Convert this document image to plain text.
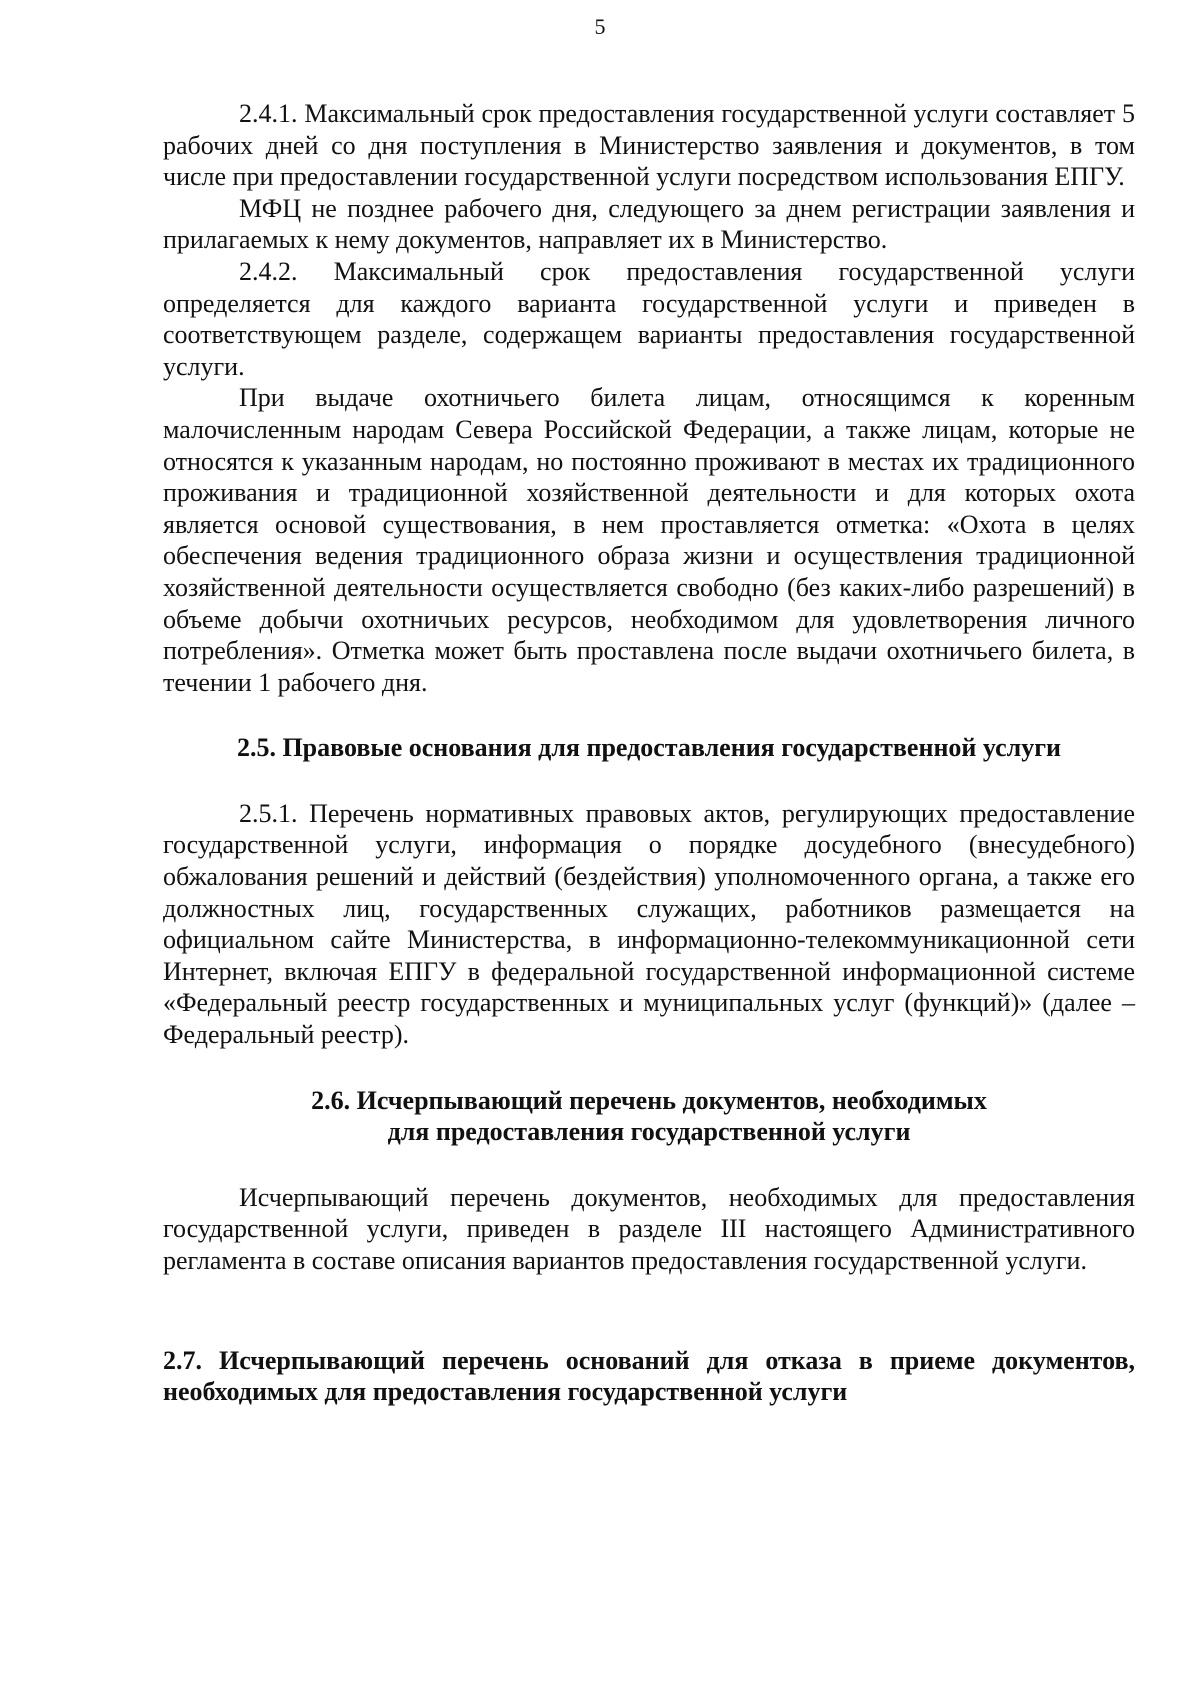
5

2.4.1. Максимальный срок предоставления государственной услуги составляет 5 рабочих дней со дня поступления в Министерство заявления и документов, в том числе при предоставлении государственной услуги посредством использования ЕПГУ.

МФЦ не позднее рабочего дня, следующего за днем регистрации заявления и прилагаемых к нему документов, направляет их в Министерство.

2.4.2. Максимальный срок предоставления государственной услуги определяется для каждого варианта государственной услуги и приведен в соответствующем разделе, содержащем варианты предоставления государственной услуги.

При выдаче охотничьего билета лицам, относящимся к коренным малочисленным народам Севера Российской Федерации, а также лицам, которые не относятся к указанным народам, но постоянно проживают в местах их традиционного проживания и традиционной хозяйственной деятельности и для которых охота является основой существования, в нем проставляется отметка: «Охота в целях обеспечения ведения традиционного образа жизни и осуществления традиционной хозяйственной деятельности осуществляется свободно (без каких-либо разрешений) в объеме добычи охотничьих ресурсов, необходимом для удовлетворения личного потребления». Отметка может быть проставлена после выдачи охотничьего билета, в течении 1 рабочего дня.

2.5. Правовые основания для предоставления государственной услуги

2.5.1. Перечень нормативных правовых актов, регулирующих предоставление государственной услуги, информация о порядке досудебного (внесудебного) обжалования решений и действий (бездействия) уполномоченного органа, а также его должностных лиц, государственных служащих, работников размещается на официальном сайте Министерства, в информационно-телекоммуникационной сети Интернет, включая ЕПГУ в федеральной государственной информационной системе «Федеральный реестр государственных и муниципальных услуг (функций)» (далее – Федеральный реестр).

2.6. Исчерпывающий перечень документов, необходимых
для предоставления государственной услуги

Исчерпывающий перечень документов, необходимых для предоставления государственной услуги, приведен в разделе III настоящего Административного регламента в составе описания вариантов предоставления государственной услуги.

2.7. Исчерпывающий перечень оснований для отказа в приеме документов, необходимых для предоставления государственной услуги
